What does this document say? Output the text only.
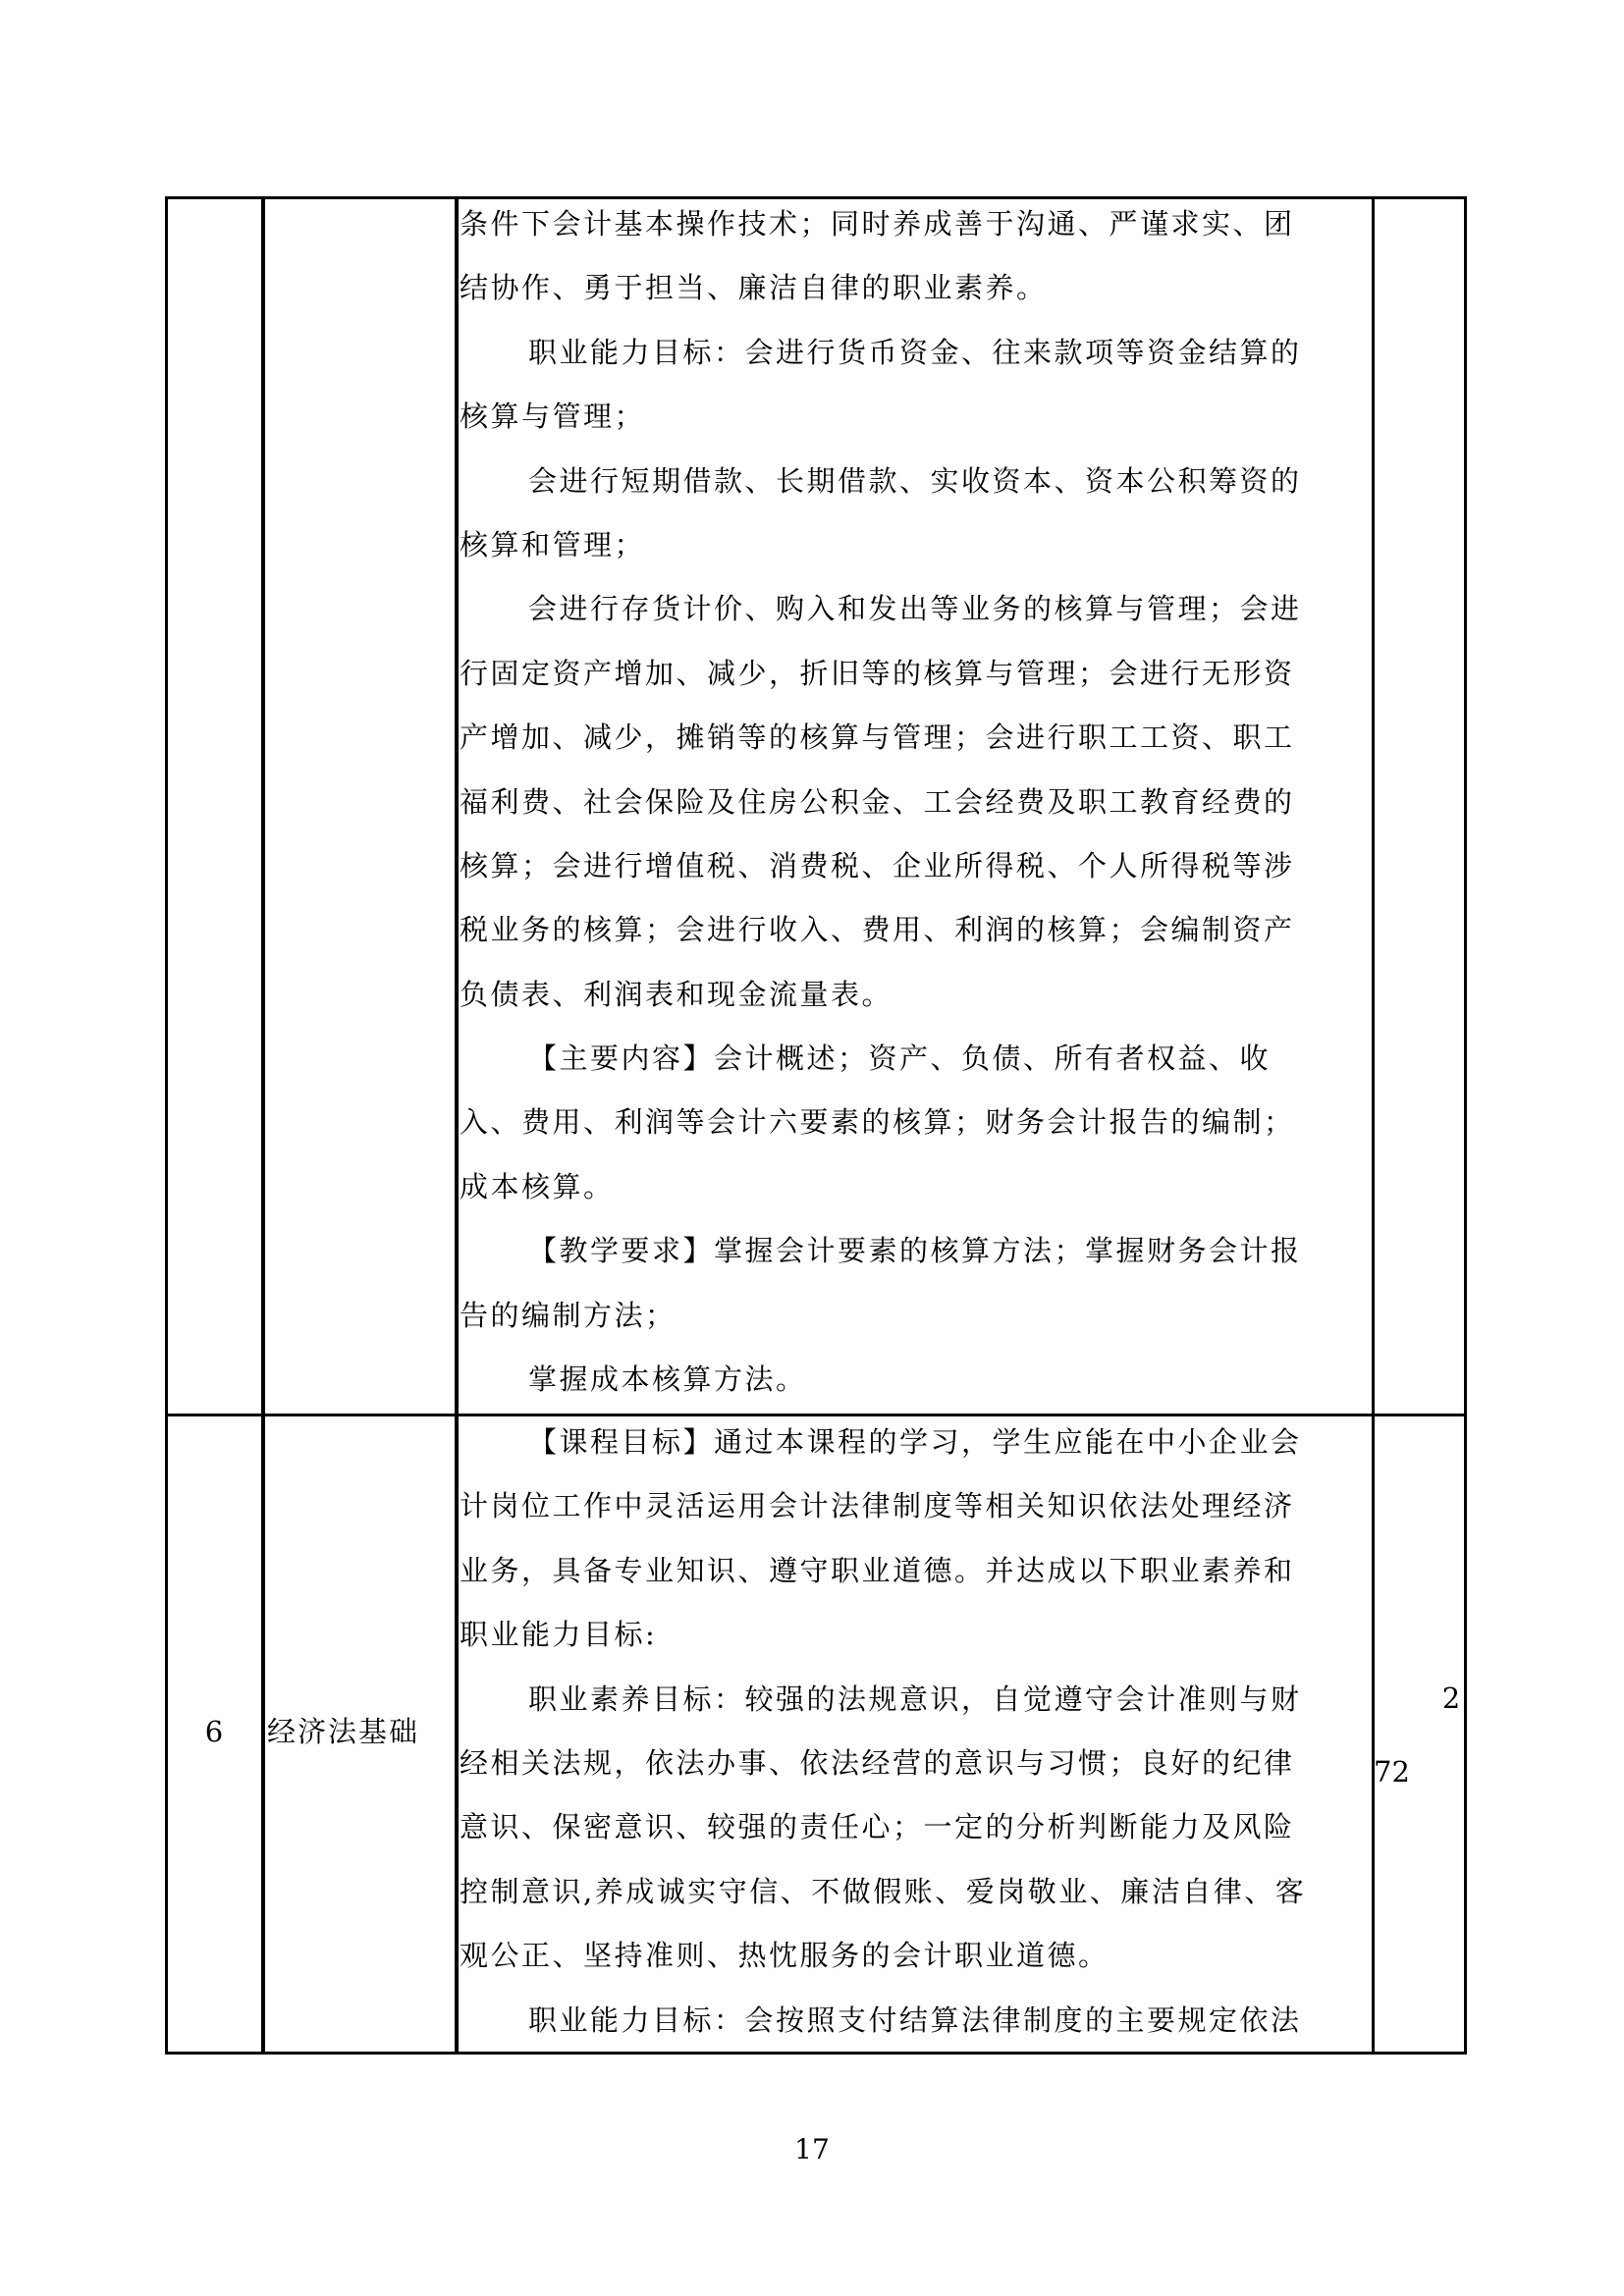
条件下会计基本操作技术；同时养成善于沟通、严谨求实、团

结协作、勇于担当、廉洁自律的职业素养。

职业能力目标：会进行货币资金、往来款项等资金结算的

核算与管理；

会进行短期借款、长期借款、实收资本、资本公积筹资的

核算和管理；

会进行存货计价、购入和发出等业务的核算与管理；会进

行固定资产增加、减少，折旧等的核算与管理；会进行无形资

产增加、减少，摊销等的核算与管理；会进行职工工资、职工

福利费、社会保险及住房公积金、工会经费及职工教育经费的

核算；会进行增值税、消费税、企业所得税、个人所得税等涉

税业务的核算；会进行收入、费用、利润的核算；会编制资产

负债表、利润表和现金流量表。

【主要内容】会计概述；资产、负债、所有者权益、收

入、费用、利润等会计六要素的核算；财务会计报告的编制；

成本核算。

【教学要求】掌握会计要素的核算方法；掌握财务会计报

告的编制方法；

掌握成本核算方法。

6	经济法基础
72
2

【课程目标】通过本课程的学习，学生应能在中小企业会

计岗位工作中灵活运用会计法律制度等相关知识依法处理经济

业务，具备专业知识、遵守职业道德。并达成以下职业素养和

职业能力目标:

职业素养目标：较强的法规意识，自觉遵守会计准则与财

经相关法规，依法办事、依法经营的意识与习惯；良好的纪律

意识、保密意识、较强的责任心；一定的分析判断能力及风险

控制意识,养成诚实守信、不做假账、爱岗敬业、廉洁自律、客

观公正、坚持准则、热忱服务的会计职业道德。

职业能力目标：会按照支付结算法律制度的主要规定依法

17
